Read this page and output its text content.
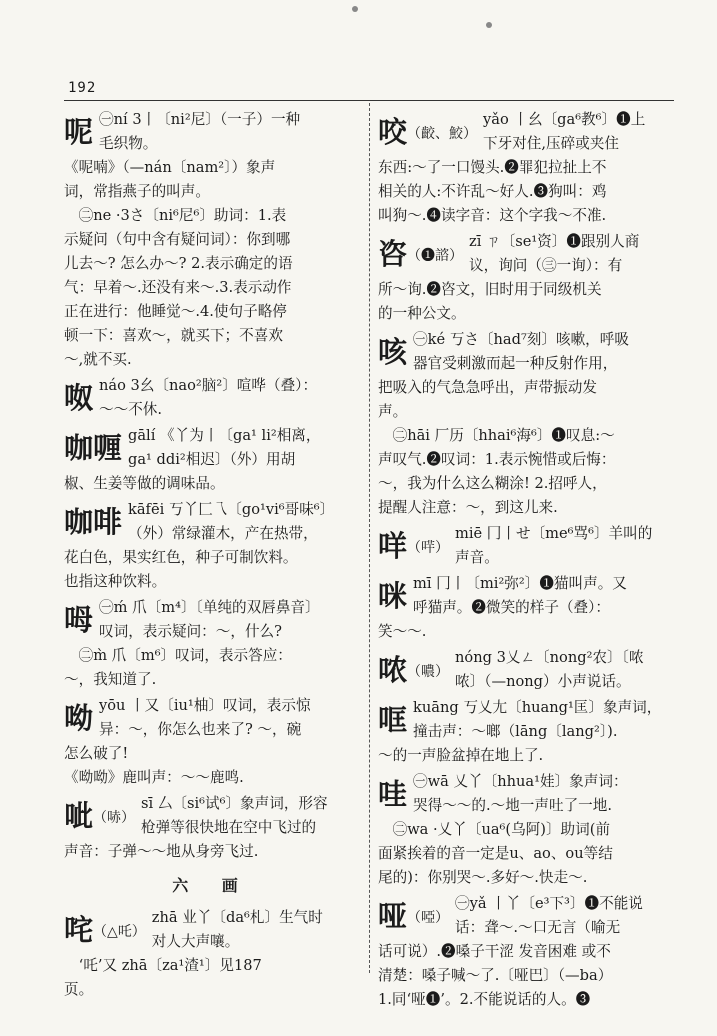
192
呢 ㊀ní 3丨〔ni²尼〕（一子）一种
毛织物。
《呢喃》（—nán〔nam²〕）象声
词，常指燕子的叫声。
　㊁ne ·3さ〔ni⁶尼⁶〕助词：1.表
示疑问（句中含有疑问词）：你到哪
儿去～? 怎么办～? 2.表示确定的语
气：早着～.还没有来～.3.表示动作
正在进行：他睡觉～.4.使句子略停
顿一下：喜欢～，就买下；不喜欢
～,就不买.
呶 náo 3幺〔nao²脑²〕喧哗（叠）：
～～不休.
咖喱 gālí 《丫为丨〔ga¹ li²相离，
ga¹ ddi²相迟〕（外）用胡
椒、生姜等做的调味品。
咖啡 kāfēi 丂丫匚乁〔go¹vi⁶哥味⁶〕
（外）常绿灌木，产在热带，
花白色，果实红色，种子可制饮料。
也指这种饮料。
呣 ㊀ḿ 爪〔m⁴〕〔单纯的双唇鼻音〕
叹词，表示疑问：～，什么?
　㊁m̀ 爪〔m⁶〕叹词，表示答应：
～，我知道了.
呦 yōu 丨又〔iu¹柚〕叹词，表示惊
异：～，你怎么也来了? ～，碗
怎么破了!
《呦呦》鹿叫声：～～鹿鸣.
呲（哧）
sī 厶〔si⁶试⁶〕象声词，形容
枪弹等很快地在空中飞过的
声音：子弹～～地从身旁飞过.
六 画
咤（△吒）
zhā 业丫〔da⁶札〕生气时
对人大声嚷。
　‘吒’又 zhā〔za¹渣¹〕见187
页。
咬（齩、鮫）
yǎo 丨幺〔ga⁶教⁶〕❶上
下牙对住,压碎或夹住
东西:～了一口馒头.❷罪犯拉扯上不
相关的人:不许乱～好人.❸狗叫：鸡
叫狗～.❹读字音：这个字我～不准.
咨（❶諮）
zī ㄗ〔se¹资〕❶跟别人商
议，询问（㊂一询）：有
所～询.❷咨文，旧时用于同级机关
的一种公文。
咳 ㊀ké 丂さ〔had⁷刻〕咳嗽，呼吸
器官受刺激而起一种反射作用，
把吸入的气急急呼出，声带振动发
声。
　㊁hāi 厂历〔hhai⁶海⁶〕❶叹息:～
声叹气.❷叹词：1.表示惋惜或后悔：
～，我为什么这么糊涂! 2.招呼人，
提醒人注意：～，到这儿来.
咩（哶）
miē 冂丨せ〔me⁶骂⁶〕羊叫的
声音。
咪 mī 冂丨〔mi²弥²〕❶猫叫声。又
呼猫声。❷微笑的样子（叠）：
笑～～.
哝（噥）
nóng 3乂ㄥ〔nong²农〕〔哝
哝〕（—nong）小声说话。
哐 kuāng 丂乂尢〔huang¹匡〕象声词，
撞击声：～啷（lāng〔lang²〕).
～的一声脸盆掉在地上了.
哇 ㊀wā 乂丫〔hhua¹娃〕象声词：
哭得～～的.～地一声吐了一地.
　㊁wa ·乂丫〔ua⁶(乌阿)〕助词(前
面紧挨着的音一定是u、ao、ou等结
尾的)：你别哭～.多好～.快走～.
哑（啞）
㊀yǎ 丨丫〔e³下³〕❶不能说
话：聋～.～口无言（喻无
话可说）.❷嗓子干涩 发音困难 或不
清楚：嗓子喊～了.〔哑巴〕（—ba）
1.同‘哑❶’。2.不能说话的人。❸
